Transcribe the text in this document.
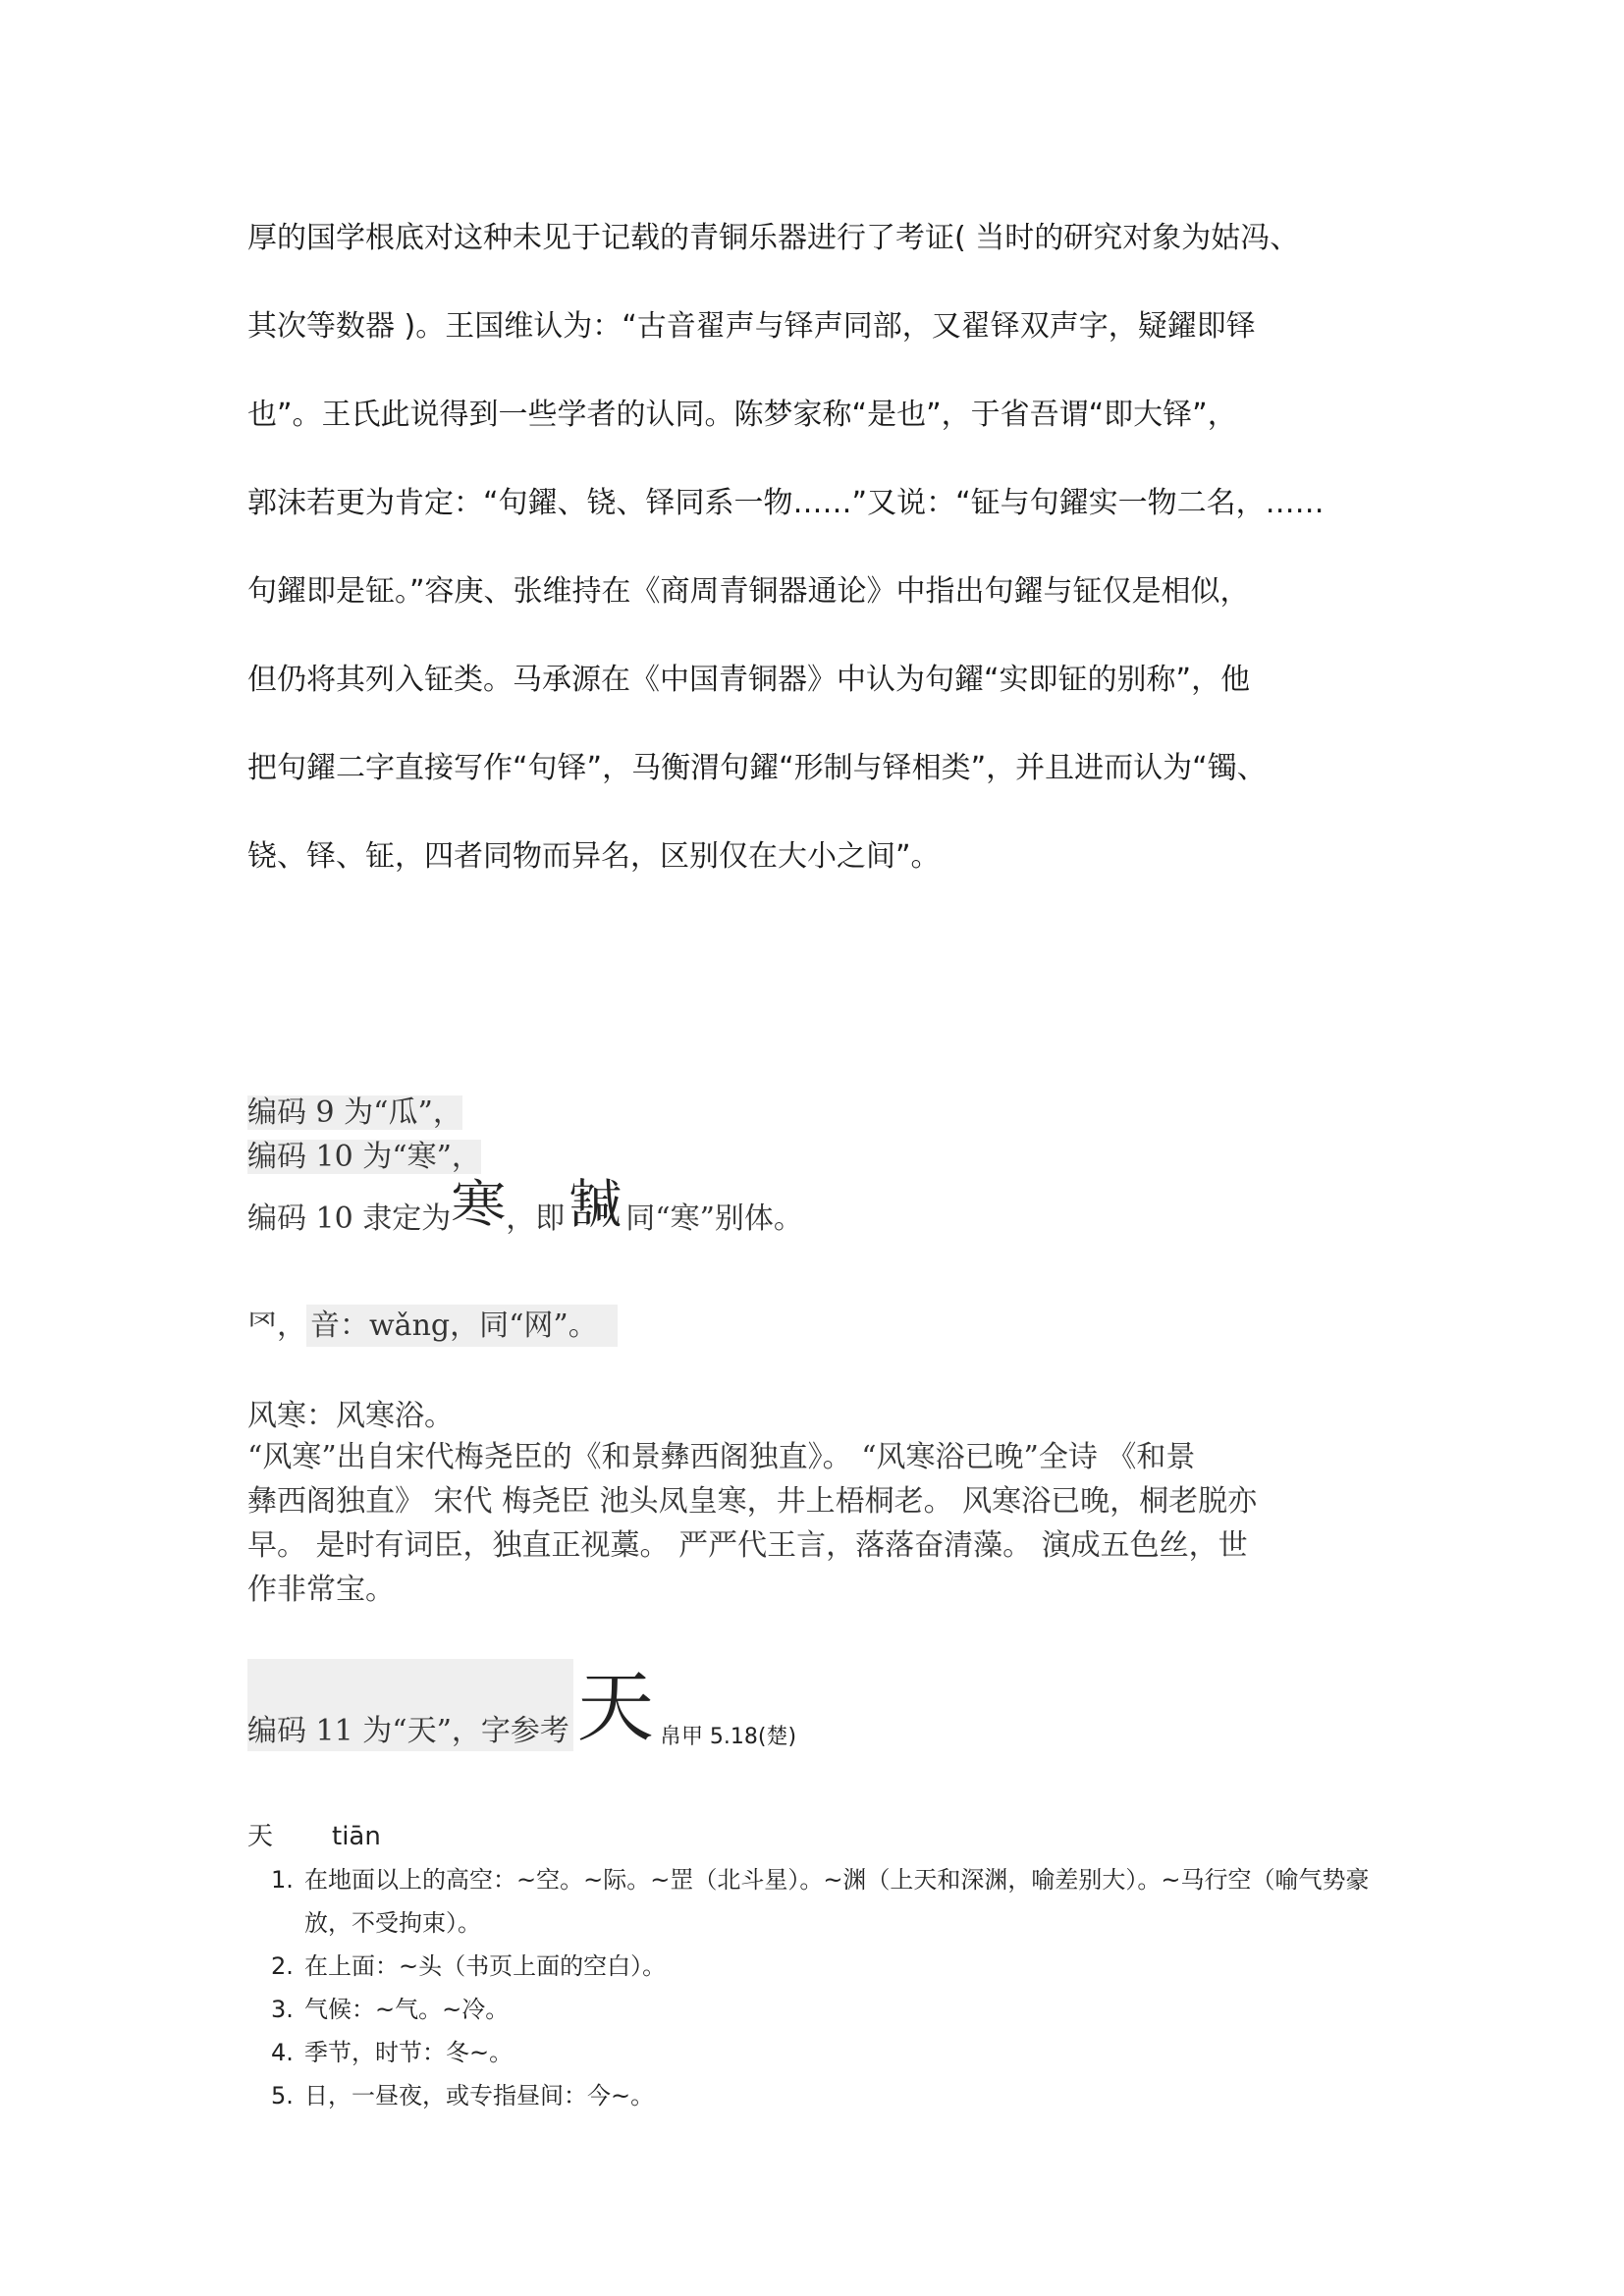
厚的国学根底对这种未见于记载的青铜乐器进行了考证( 当时的研究对象为姑冯、
其次等数器 )。王国维认为：“古音翟声与铎声同部，又翟铎双声字，疑鑃即铎
也”。王氏此说得到一些学者的认同。陈梦家称“是也”，于省吾谓“即大铎”，
郭沫若更为肯定：“句鑃、铙、铎同系一物……”又说：“钲与句鑃实一物二名，……
句鑃即是钲。”容庚、张维持在《商周青铜器通论》中指出句鑃与钲仅是相似，
但仍将其列入钲类。马承源在《中国青铜器》中认为句鑃“实即钲的别称”，他
把句鑃二字直接写作“句铎”，马衡渭句鑃“形制与铎相类”，并且进而认为“镯、
铙、铎、钲，四者同物而异名，区别仅在大小之间”。
编码 9 为“瓜”，
编码 10 为“寒”，
编码 10 隶定为寒，即𡫴 同“寒”别体。
罓， 音：wǎng，同“网”。
风寒：风寒浴。
“风寒”出自宋代梅尧臣的《和景彝西阁独直》。 “风寒浴已晚”全诗 《和景
彝西阁独直》 宋代 梅尧臣 池头凤皇寒，井上梧桐老。 风寒浴已晚，桐老脱亦
早。 是时有词臣，独直正视藁。 严严代王言，落落奋清藻。 演成五色丝，世
作非常宝。
编码 11 为“天”，字参考 天 帛甲 5.18(楚)
天 tiān
1. 在地面以上的高空：~空。~际。~罡（北斗星）。~渊（上天和深渊，喻差别大）。~马行空（喻气势豪放，不受拘束）。
2. 在上面：~头（书页上面的空白）。
3. 气候：~气。~冷。
4. 季节，时节：冬~。
5. 日，一昼夜，或专指昼间：今~。
